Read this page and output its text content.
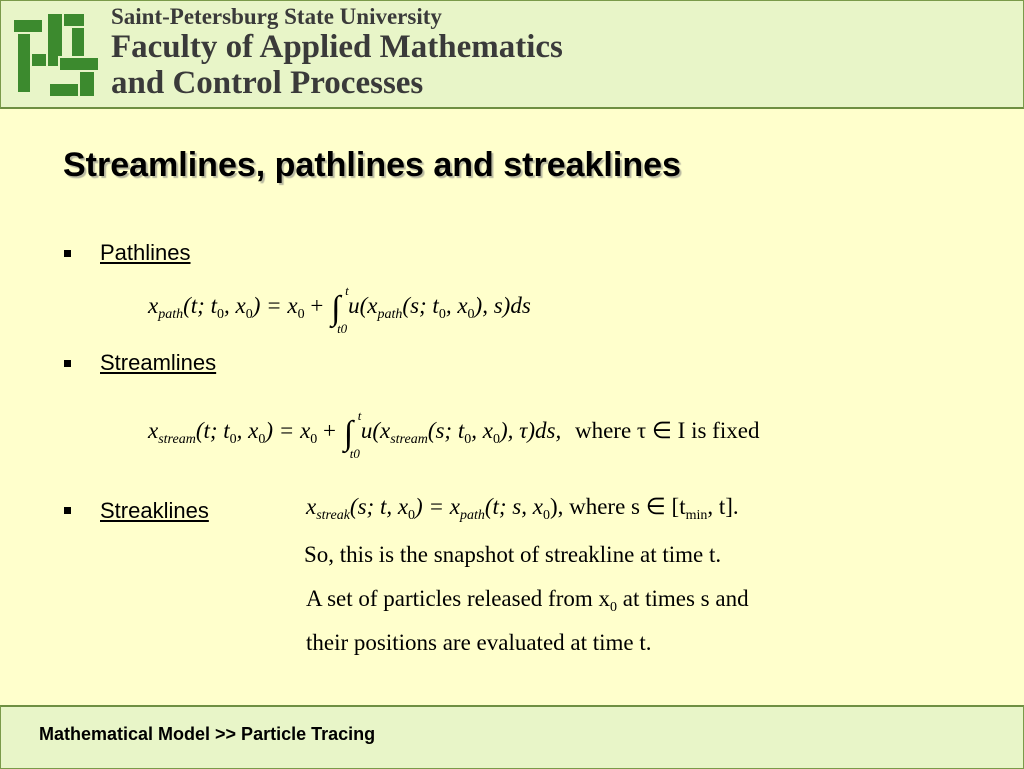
Saint-Petersburg State University
Faculty of Applied Mathematics
and Control Processes
Streamlines, pathlines and streaklines
Pathlines
$x_{path}(t$; $t_0$, $x_0) = x_0$ + ∫ t
t0
$u(x_{path}(s$; $t_0$, $x_0$), s)ds
Streamlines
$x_{stream}(t$; $t_0$, $x_0) = x_0$ + ∫ t
t0
$u(x_{stream}(s$; $t_0$, $x_0$), τ)ds, where τ ∈ I is fixed
Streaklines	$x_{streak}(s$; t, $x_0) = x_{path}(t$; s, $x_0$), where s ∈ [$t_{min}$, t].
So, this is the snapshot of streakline at time t.
A set of particles released from $x_0$ at times s and
their positions are evaluated at time t.
Mathematical Model >> Particle Tracing
